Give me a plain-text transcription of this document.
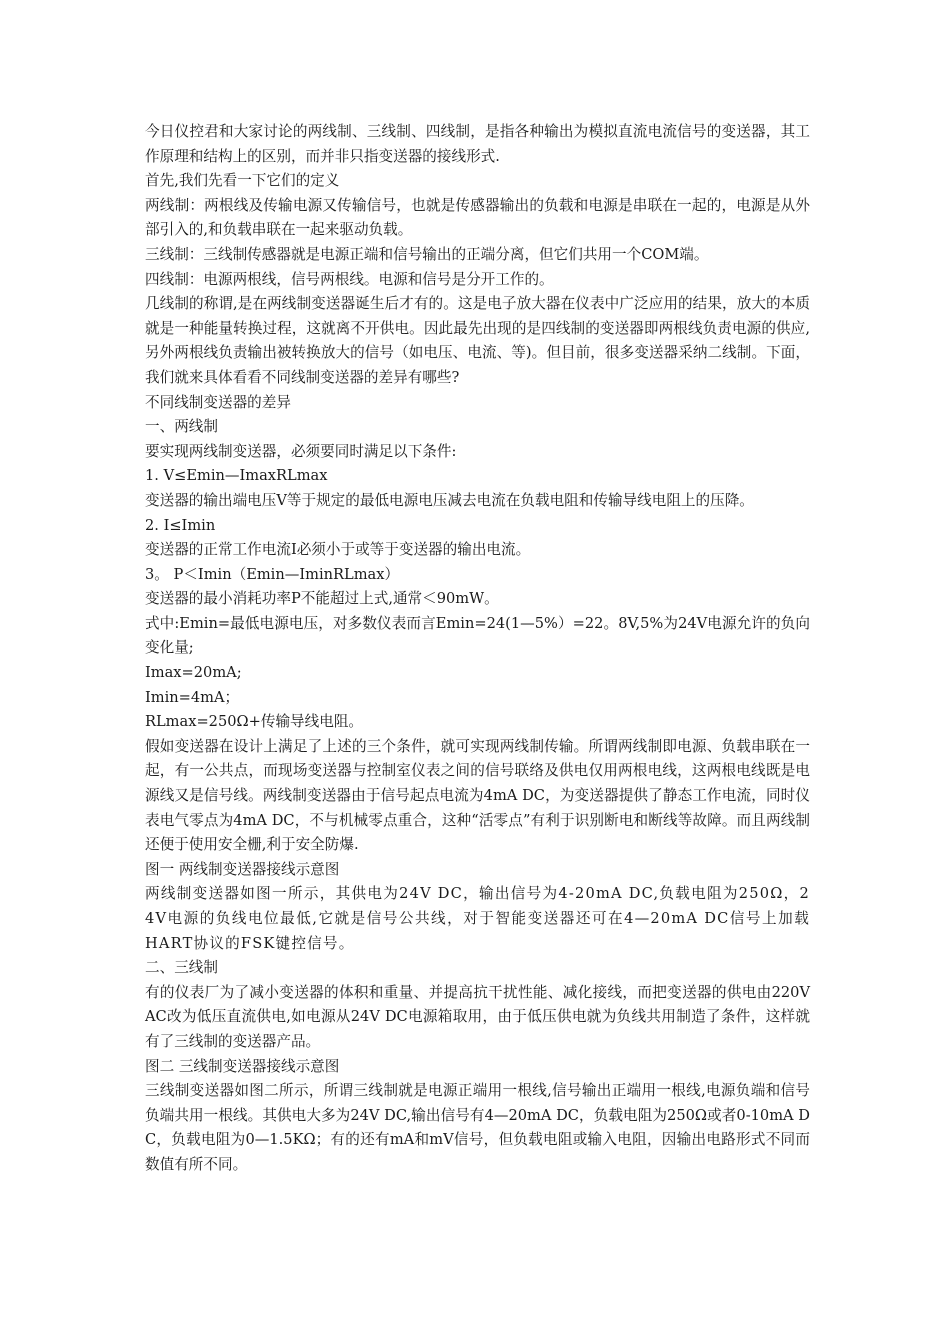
今日仪控君和大家讨论的两线制、三线制、四线制，是指各种输出为模拟直流电流信号的变送器，其工作原理和结构上的区别，而并非只指变送器的接线形式.

首先,我们先看一下它们的定义

两线制：两根线及传输电源又传输信号，也就是传感器输出的负载和电源是串联在一起的，电源是从外部引入的,和负载串联在一起来驱动负载。

三线制：三线制传感器就是电源正端和信号输出的正端分离，但它们共用一个COM端。

四线制：电源两根线，信号两根线。电源和信号是分开工作的。

几线制的称谓,是在两线制变送器诞生后才有的。这是电子放大器在仪表中广泛应用的结果，放大的本质就是一种能量转换过程，这就离不开供电。因此最先出现的是四线制的变送器即两根线负责电源的供应,另外两根线负责输出被转换放大的信号（如电压、电流、等)。但目前，很多变送器采纳二线制。下面，我们就来具体看看不同线制变送器的差异有哪些?

不同线制变送器的差异

一、两线制

要实现两线制变送器，必须要同时满足以下条件:

1. V≤Emin—ImaxRLmax

变送器的输出端电压V等于规定的最低电源电压减去电流在负载电阻和传输导线电阻上的压降。

2. I≤Imin

变送器的正常工作电流I必须小于或等于变送器的输出电流。

3。 P＜Imin（Emin—IminRLmax）

变送器的最小消耗功率P不能超过上式,通常＜90mW。

式中:Emin=最低电源电压，对多数仪表而言Emin=24(1—5%）=22。8V,5%为24V电源允许的负向变化量;

Imax=20mA;

Imin=4mA；

RLmax=250Ω+传输导线电阻。

假如变送器在设计上满足了上述的三个条件，就可实现两线制传输。所谓两线制即电源、负载串联在一起，有一公共点，而现场变送器与控制室仪表之间的信号联络及供电仅用两根电线，这两根电线既是电源线又是信号线。两线制变送器由于信号起点电流为4mA DC，为变送器提供了静态工作电流，同时仪表电气零点为4mA DC，不与机械零点重合，这种“活零点”有利于识别断电和断线等故障。而且两线制还便于使用安全栅,利于安全防爆.

图一 两线制变送器接线示意图

两线制变送器如图一所示，其供电为24V DC，输出信号为4-20mA DC,负载电阻为250Ω，24V电源的负线电位最低,它就是信号公共线，对于智能变送器还可在4—20mA DC信号上加载HART协议的FSK键控信号。

二、三线制

有的仪表厂为了减小变送器的体积和重量、并提高抗干扰性能、减化接线，而把变送器的供电由220V AC改为低压直流供电,如电源从24V DC电源箱取用，由于低压供电就为负线共用制造了条件，这样就有了三线制的变送器产品。

图二 三线制变送器接线示意图

三线制变送器如图二所示，所谓三线制就是电源正端用一根线,信号输出正端用一根线,电源负端和信号负端共用一根线。其供电大多为24V DC,输出信号有4—20mA DC，负载电阻为250Ω或者0-10mA DC，负载电阻为0—1.5KΩ；有的还有mA和mV信号，但负载电阻或输入电阻，因输出电路形式不同而数值有所不同。
